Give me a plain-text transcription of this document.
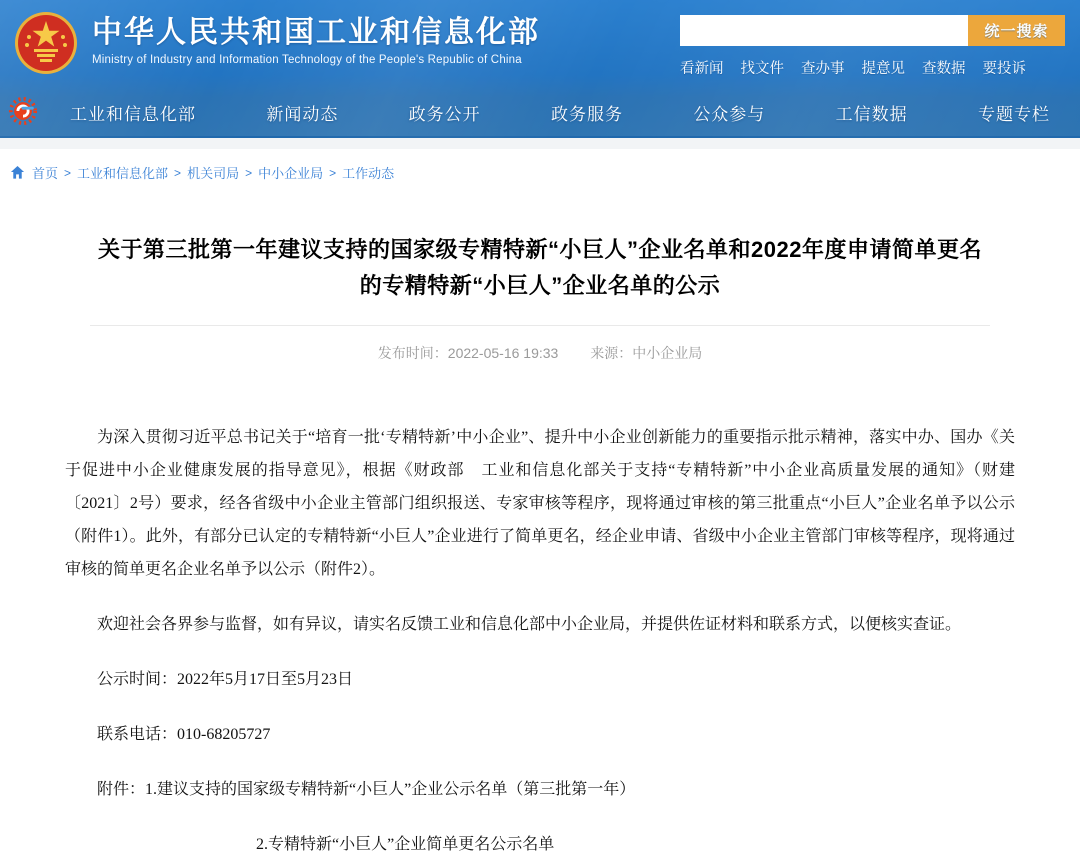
中华人民共和国工业和信息化部
Ministry of Industry and Information Technology of the People's Republic of China
统一搜索
看新闻 找文件 查办事 提意见 查数据 要投诉
工业和信息化部	新闻动态	政务公开	政务服务	公众参与	工信数据	专题专栏
首页 > 工业和信息化部 > 机关司局 > 中小企业局 > 工作动态
关于第三批第一年建议支持的国家级专精特新“小巨人”企业名单和2022年度申请简单更名的专精特新“小巨人”企业名单的公示
发布时间：2022-05-16 19:33 来源：中小企业局

为深入贯彻习近平总书记关于“培育一批‘专精特新’中小企业”、提升中小企业创新能力的重要指示批示精神，落实中办、国办《关于促进中小企业健康发展的指导意见》，根据《财政部　工业和信息化部关于支持“专精特新”中小企业高质量发展的通知》（财建〔2021〕2号）要求，经各省级中小企业主管部门组织报送、专家审核等程序，现将通过审核的第三批重点“小巨人”企业名单予以公示（附件1）。此外，有部分已认定的专精特新“小巨人”企业进行了简单更名，经企业申请、省级中小企业主管部门审核等程序，现将通过审核的简单更名企业名单予以公示（附件2）。

欢迎社会各界参与监督，如有异议，请实名反馈工业和信息化部中小企业局，并提供佐证材料和联系方式，以便核实查证。

公示时间：2022年5月17日至5月23日

联系电话：010-68205727

附件：1.建议支持的国家级专精特新“小巨人”企业公示名单（第三批第一年）

2.专精特新“小巨人”企业简单更名公示名单
